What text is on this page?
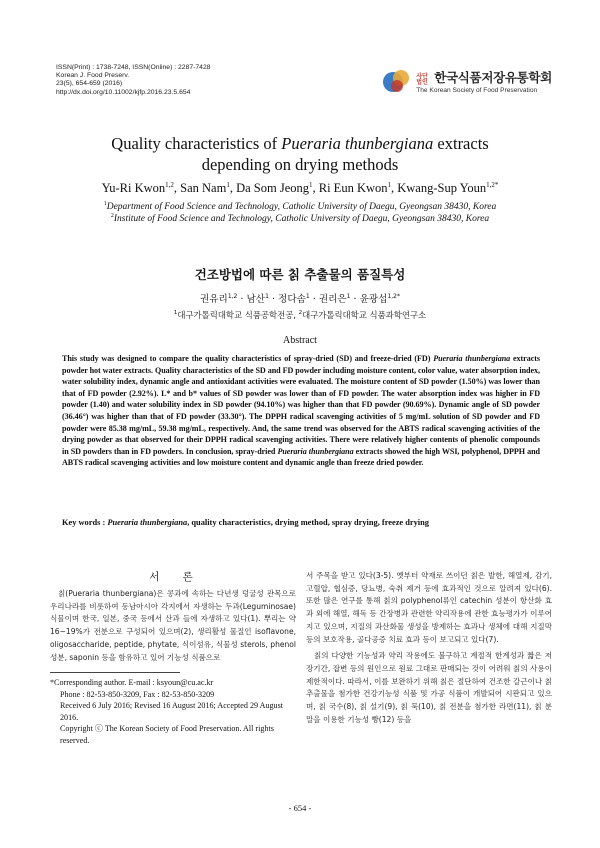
ISSN(Print) : 1738-7248, ISSN(Online) : 2287-7428
Korean J. Food Preserv.
23(5), 654-659 (2016)
http://dx.doi.org/10.11002/kjfp.2016.23.5.654
사단법인 한국식품저장유통학회
The Korean Society of Food Preservation
Quality characteristics of Pueraria thunbergiana extracts
depending on drying methods
Yu-Ri Kwon$^{1,2}$, San Nam$^1$, Da Som Jeong$^1$, Ri Eun Kwon$^1$, Kwang-Sup Youn$^{1,2*}$
$^1$Department of Food Science and Technology, Catholic University of Daegu, Gyeongsan 38430, Korea
$^2$Institute of Food Science and Technology, Catholic University of Daegu, Gyeongsan 38430, Korea
건조방법에 따른 칡 추출물의 품질특성
권유리$^{1,2}$ · 남산$^1$ · 정다솜$^1$ · 권리은$^1$ · 윤광섭$^{1,2*}$
$^1$대구가톨릭대학교 식품공학전공, $^2$대구가톨릭대학교 식품과학연구소
Abstract
This study was designed to compare the quality characteristics of spray-dried (SD) and freeze-dried (FD) Pueraria thunbergiana extracts powder hot water extracts. Quality characteristics of the SD and FD powder including moisture content, color value, water absorption index, water solubility index, dynamic angle and antioxidant activities were evaluated. The moisture content of SD powder (1.50%) was lower than that of FD powder (2.92%). L* and b* values of SD powder was lower than of FD powder. The water absorption index was higher in FD powder (1.40) and water solubility index in SD powder (94.10%) was higher than that FD powder (90.69%). Dynamic angle of SD powder (36.46°) was higher than that of FD powder (33.30°). The DPPH radical scavenging activities of 5 mg/mL solution of SD powder and FD powder were 85.38 mg/mL, 59.38 mg/mL, respectively. And, the same trend was observed for the ABTS radical scavenging activities of the drying powder as that observed for their DPPH radical scavenging activities. There were relatively higher contents of phenolic compounds in SD powders than in FD powders. In conclusion, spray-dried Pueraria thunbergiana extracts showed the high WSI, polyphenol, DPPH and ABTS radical scavenging activities and low moisture content and dynamic angle than freeze dried powder.
Key words : Pueraria thunbergiana, quality characteristics, drying method, spray drying, freeze drying
서 론

칡(Pueraria thunbergiana)은 콩과에 속하는 다년생 덩굴성 관목으로 우리나라를 비롯하여 동남아시아 각지에서 자생하는 두과(Leguminosae) 식물이며 한국, 일본, 중국 등에서 산과 들에 자생하고 있다(1). 뿌리는 약 16~19%가 전분으로 구성되어 있으며(2), 생리활성 물질인 isoflavone, oligosaccharide, peptide, phytate, 식이섬유, 식물성 sterols, phenol 성분, saponin 등을 함유하고 있어 기능성 식품으로

서 주목을 받고 있다(3-5). 옛부터 약재로 쓰이던 칡은 발한, 해열제, 감기, 고혈압, 협심증, 당뇨병, 숙취 제거 등에 효과적인 것으로 알려져 있다(6). 또한 많은 연구를 통해 칡의 polyphenol류인 catechin 성분이 항산화 효과 외에 해열, 해독 등 간장병과 관련한 약리작용에 관한 효능평가가 이루어지고 있으며, 지질의 과산화물 생성을 방제하는 효과나 생체에 대해 지질막 등의 보호작용, 골다공증 치료 효과 등이 보고되고 있다(7).

칡의 다양한 기능성과 약리 작용에도 불구하고 계절적 한계성과 짧은 저장기간, 잡변 등의 원인으로 원료 그대로 판매되는 것이 어려워 칡의 사용이 제한적이다. 따라서, 이를 보완하기 위해 칡은 절단하여 건조한 갈근이나 칡 추출물을 첨가한 건강기능성 식품 및 가공 식품이 개발되어 시판되고 있으며, 칡 국수(8), 칡 설기(9), 칡 묵(10), 칡 전분을 첨가한 라면(11), 칡 분말을 이용한 기능성 빵(12) 등을

*Corresponding author. E-mail : ksyoun@cu.ac.kr
Phone : 82-53-850-3209, Fax : 82-53-850-3209
Received 6 July 2016; Revised 16 August 2016; Accepted 29 August 2016.
Copyright ⓒ The Korean Society of Food Preservation. All rights reserved.
- 654 -
